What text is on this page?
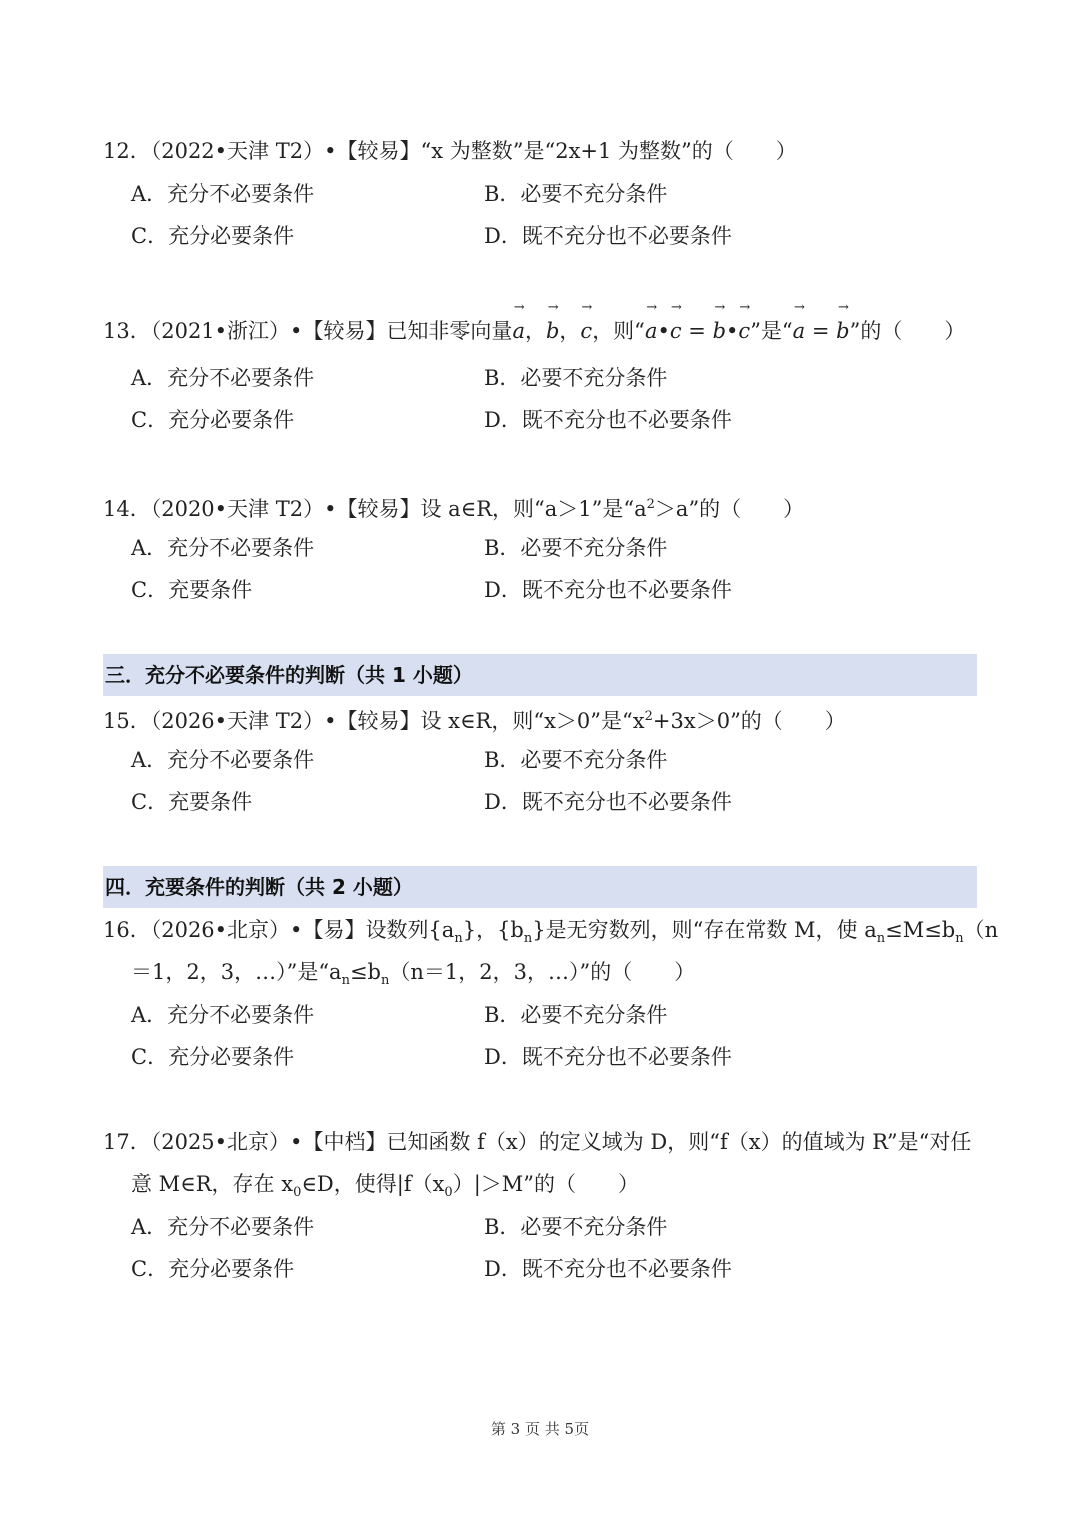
12．（2022•天津 T2）•【较易】“x 为整数”是“2x+1 为整数”的（　　）
A．充分不必要条件	B．必要不充分条件
C．充分必要条件	D．既不充分也不必要条件
13．（2021•浙江）•【较易】已知非零向量→ a，→ b，→ c，则“→ a•→ c = → b•→ c”是“→ a = → b”的（　　）
A．充分不必要条件	B．必要不充分条件
C．充分必要条件	D．既不充分也不必要条件
14．（2020•天津 T2）•【较易】设 a∈R，则“a＞1”是“$a^2>a$”的（　　）
A．充分不必要条件	B．必要不充分条件
C．充要条件	D．既不充分也不必要条件
三．充分不必要条件的判断（共 1 小题）
15．（2026•天津 T2）•【较易】设 x∈R，则“x＞0”是“$x^2+3x>0$”的（　　）
A．充分不必要条件	B．必要不充分条件
C．充要条件	D．既不充分也不必要条件
四．充要条件的判断（共 2 小题）
16．（2026•北京）•【易】设数列$\{a_n\}$，$\{b_n\}$是无穷数列，则“存在常数 M，使 $a_n\le M\le b_n(n$
＝1，2，3，…）”是“$a_n\le b_n(n=1$，2，3，…）”的（　　）
A．充分不必要条件	B．必要不充分条件
C．充分必要条件	D．既不充分也不必要条件
17．（2025•北京）•【中档】已知函数 f（x）的定义域为 D，则“f（x）的值域为 R”是“对任
意 M∈R，存在 $x_0\in D$，使得$|f(x_0)|>M$”的（　　）
A．充分不必要条件	B．必要不充分条件
C．充分必要条件	D．既不充分也不必要条件
第 3 页 共 5页
